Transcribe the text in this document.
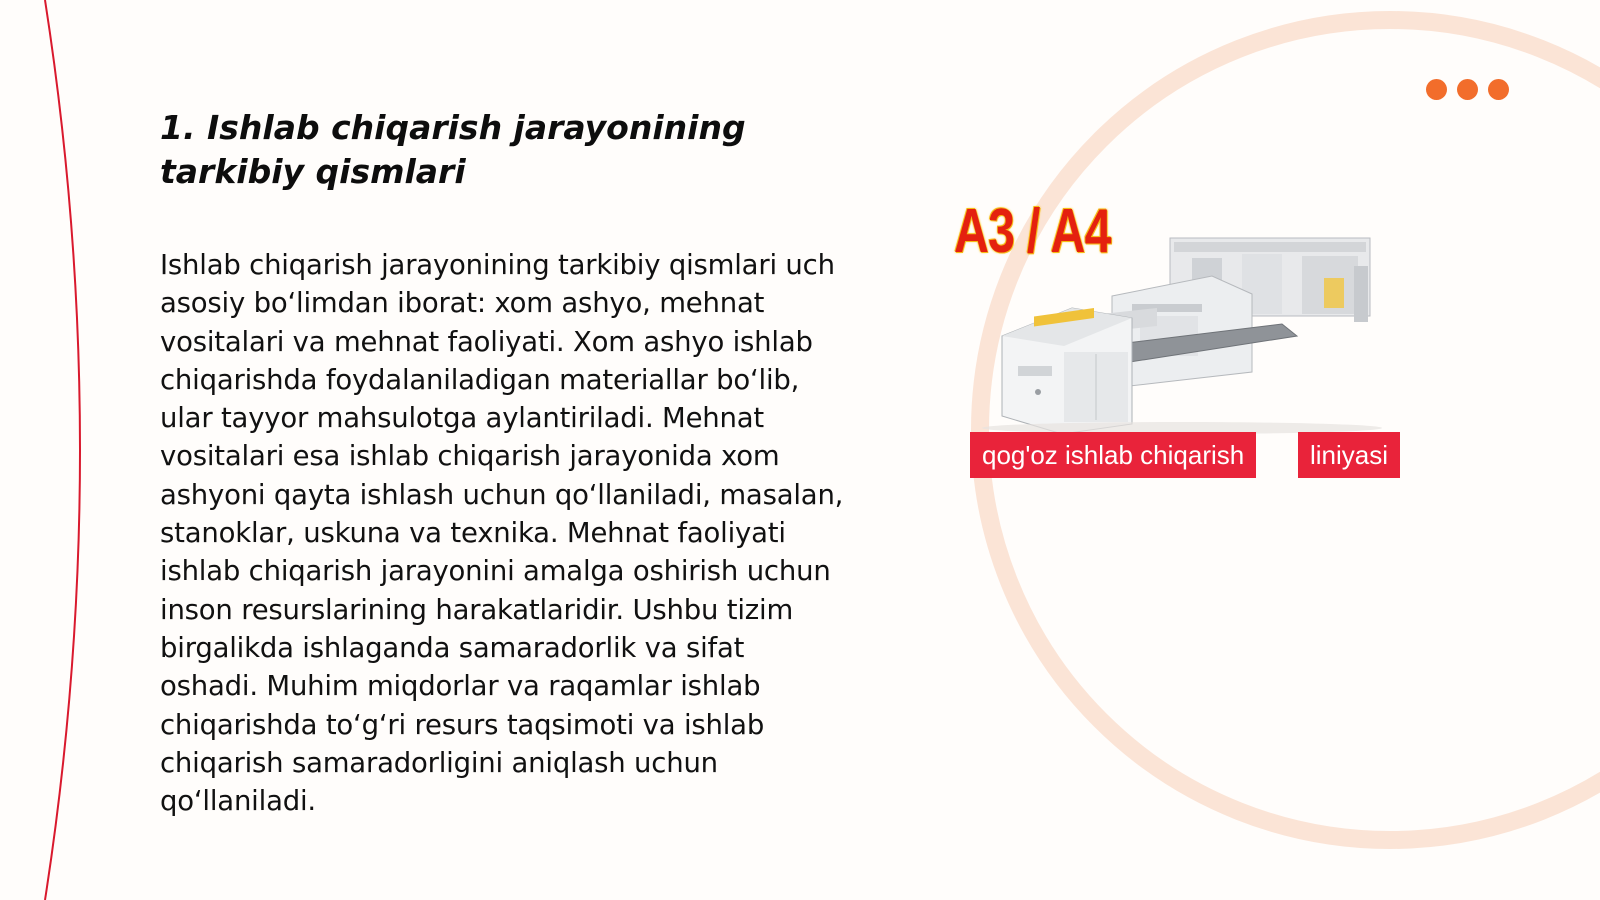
1. Ishlab chiqarish jarayonining tarkibiy qismlari

Ishlab chiqarish jarayonining tarkibiy qismlari uch asosiy bo‘limdan iborat: xom ashyo, mehnat vositalari va mehnat faoliyati. Xom ashyo ishlab chiqarishda foydalaniladigan materiallar bo‘lib, ular tayyor mahsulotga aylantiriladi. Mehnat vositalari esa ishlab chiqarish jarayonida xom ashyoni qayta ishlash uchun qo‘llaniladi, masalan, stanoklar, uskuna va texnika. Mehnat faoliyati ishlab chiqarish jarayonini amalga oshirish uchun inson resurslarining harakatlaridir. Ushbu tizim birgalikda ishlaganda samaradorlik va sifat oshadi. Muhim miqdorlar va raqamlar ishlab chiqarishda to‘g‘ri resurs taqsimoti va ishlab chiqarish samaradorligini aniqlash uchun qo‘llaniladi.

A3 / A4
qog'oz ishlab chiqarish	liniyasi
